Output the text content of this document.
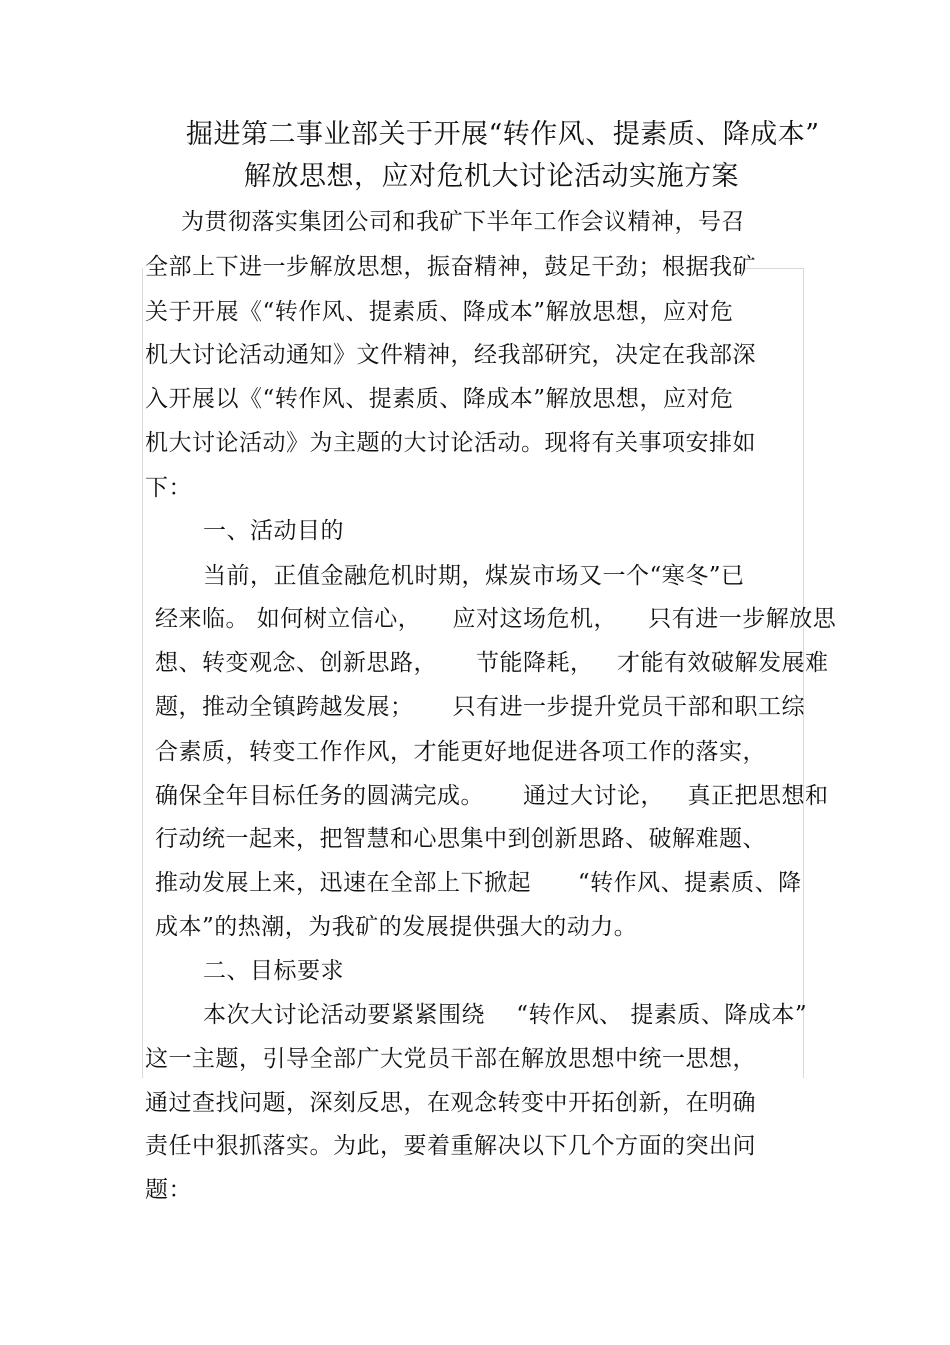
掘进第二事业部关于开展“转作风、提素质、降成本”
解放思想，应对危机大讨论活动实施方案
为贯彻落实集团公司和我矿下半年工作会议精神，号召
全部上下进一步解放思想，振奋精神，鼓足干劲；根据我矿
关于开展《“转作风、提素质、降成本”解放思想，应对危
机大讨论活动通知》文件精神，经我部研究，决定在我部深
入开展以《“转作风、提素质、降成本”解放思想，应对危
机大讨论活动》为主题的大讨论活动。现将有关事项安排如
下：
一、活动目的
当前，正值金融危机时期，煤炭市场又一个“寒冬”已
经来临。 如何树立信心，    应对这场危机，    只有进一步解放思
想、转变观念、创新思路，     节能降耗，   才能有效破解发展难
题，推动全镇跨越发展；     只有进一步提升党员干部和职工综
合素质，转变工作作风，才能更好地促进各项工作的落实，
确保全年目标任务的圆满完成。     通过大讨论，   真正把思想和
行动统一起来，把智慧和心思集中到创新思路、破解难题、
推动发展上来，迅速在全部上下掀起      “转作风、提素质、降
成本”的热潮，为我矿的发展提供强大的动力。
二、目标要求
本次大讨论活动要紧紧围绕    “转作风、 提素质、降成本”
这一主题，引导全部广大党员干部在解放思想中统一思想，
通过查找问题，深刻反思，在观念转变中开拓创新，在明确
责任中狠抓落实。为此，要着重解决以下几个方面的突出问
题：
